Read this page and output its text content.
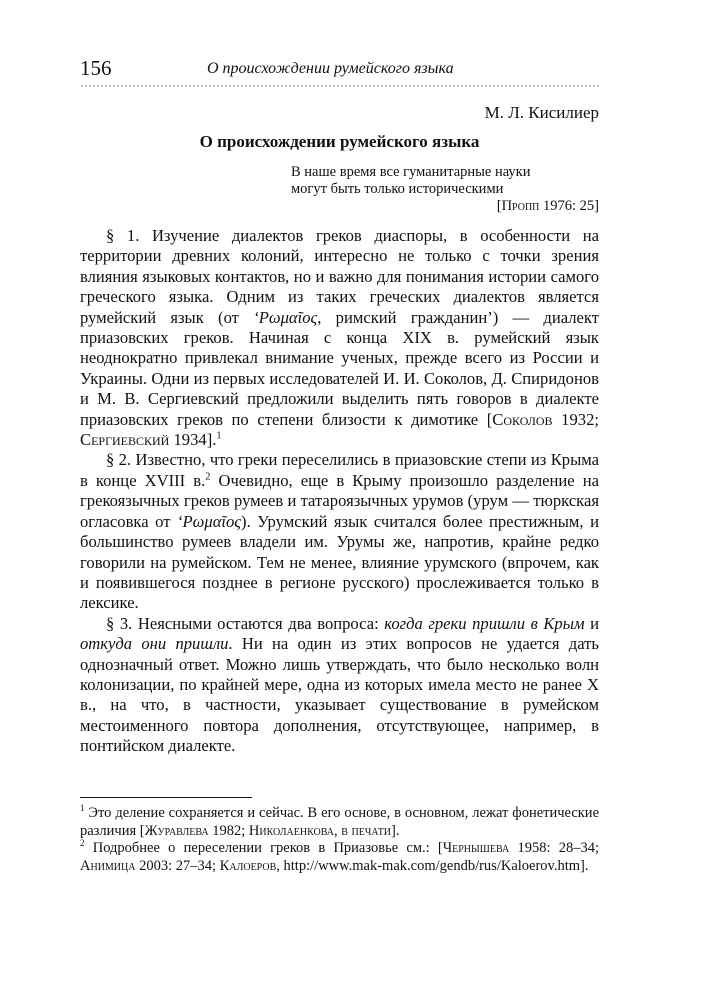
156	О происхождении румейского языка
М. Л. Кисилиер
О происхождении румейского языка
В наше время все гуманитарные науки
могут быть только историческими
[Пропп 1976: 25]

§ 1. Изучение диалектов греков диаспоры, в особенности на территории древних колоний, интересно не только с точки зрения влияния языковых контактов, но и важно для понимания истории самого греческого языка. Одним из таких греческих диалектов является румейский язык (от ‘Ρωμαῖος, римский гражданин’) — диалект приазовских греков. Начиная с конца XIX в. румейский язык неоднократно привлекал внимание ученых, прежде всего из России и Украины. Одни из первых исследователей И. И. Соколов, Д. Спиридонов и М. В. Сергиевский предложили выделить пять говоров в диалекте приазовских греков по степени близости к димотике [Соколов 1932; Сергиевский 1934].$^1$

§ 2. Известно, что греки переселились в приазовские степи из Крыма в конце XVIII в.$^2$ Очевидно, еще в Крыму произошло разделение на грекоязычных греков румеев и татароязычных урумов (урум — тюркская огласовка от ‘Ρωμαῖος). Урумский язык считался более престижным, и большинство румеев владели им. Урумы же, напротив, крайне редко говорили на румейском. Тем не менее, влияние урумского (впрочем, как и появившегося позднее в регионе русского) прослеживается только в лексике.

§ 3. Неясными остаются два вопроса: когда греки пришли в Крым и откуда они пришли. Ни на один из этих вопросов не удается дать однозначный ответ. Можно лишь утверждать, что было несколько волн колонизации, по крайней мере, одна из которых имела место не ранее X в., на что, в частности, указывает существование в румейском местоименного повтора дополнения, отсутствующее, например, в понтийском диалекте.

$^1$ Это деление сохраняется и сейчас. В его основе, в основном, лежат фонетические различия [Журавлева 1982; Николаенкова, в печати].

$^2$ Подробнее о переселении греков в Приазовье см.: [Чернышева 1958: 28–34; Анимица 2003: 27–34; Калоеров, http://www.mak-mak.com/gendb/rus/Kaloerov.htm].
